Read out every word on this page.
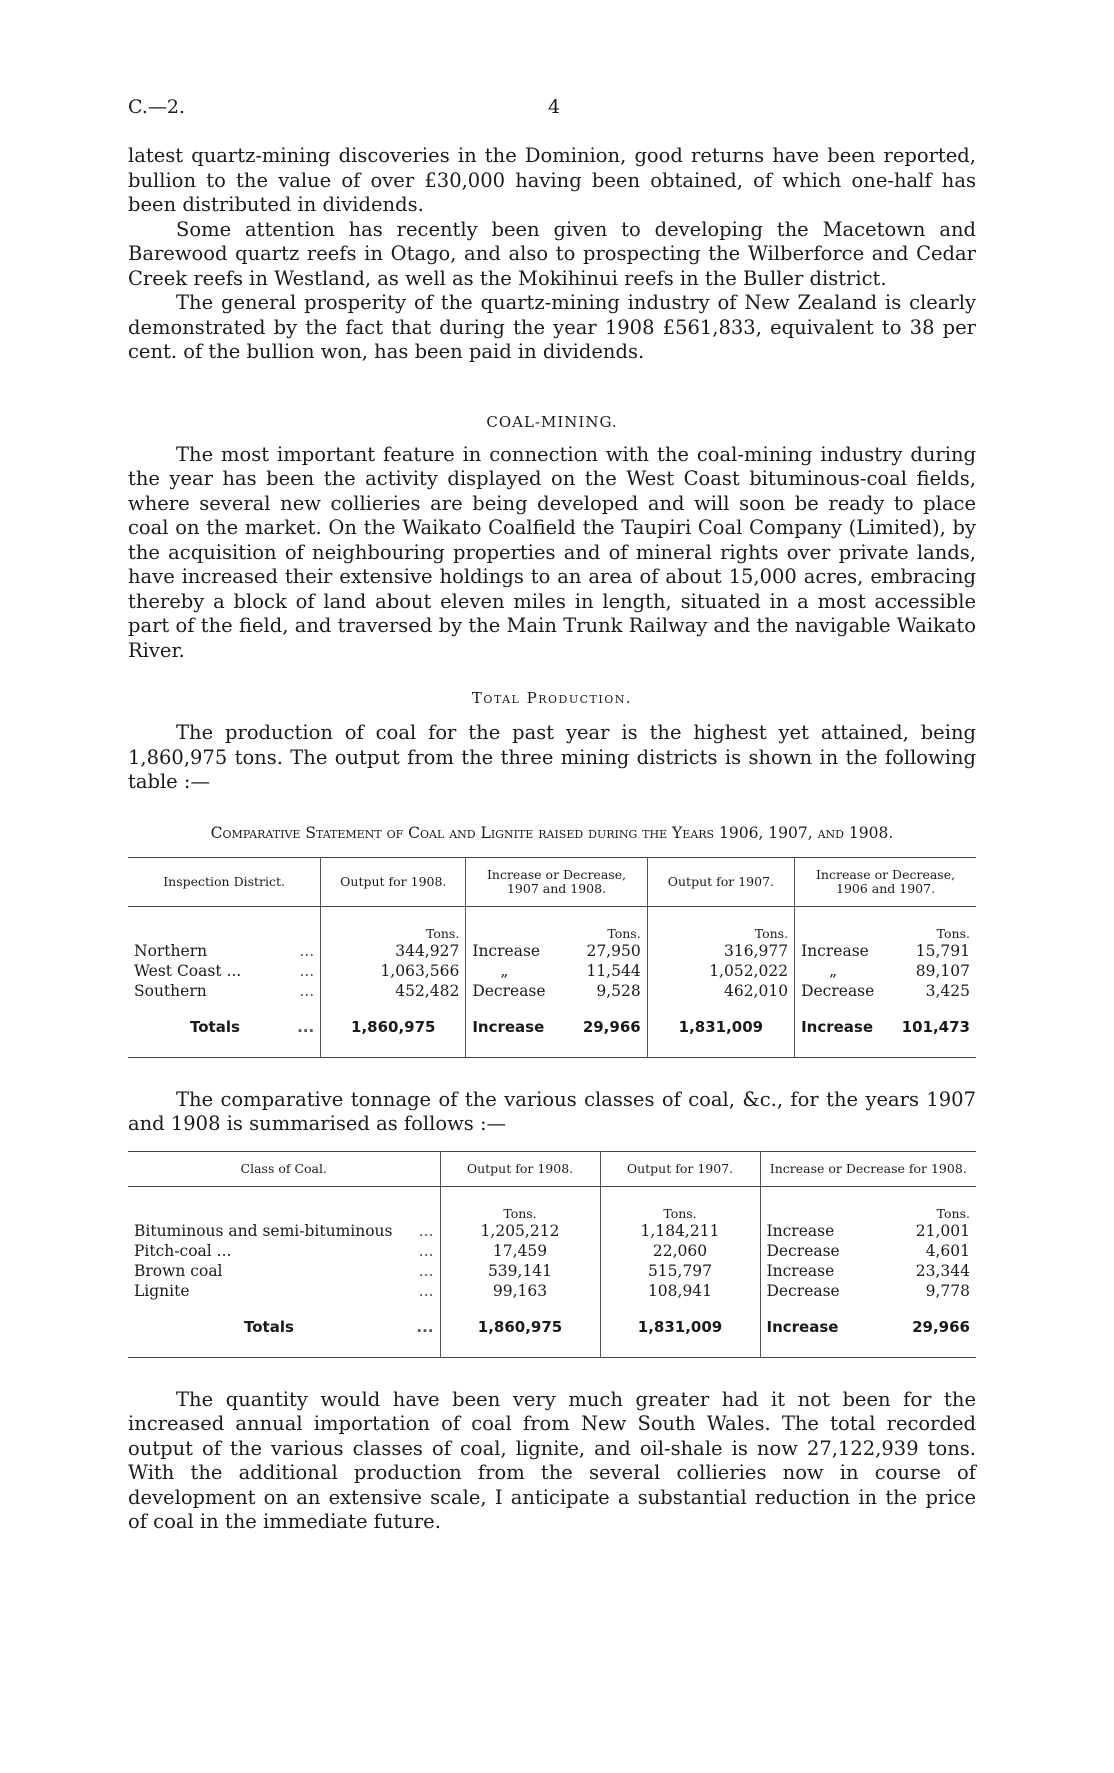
C.—2.	4

latest quartz-mining discoveries in the Dominion, good returns have been reported, bullion to the value of over £30,000 having been obtained, of which one-half has been distributed in dividends.

Some attention has recently been given to developing the Macetown and Barewood quartz reefs in Otago, and also to prospecting the Wilberforce and Cedar Creek reefs in Westland, as well as the Mokihinui reefs in the Buller district.

The general prosperity of the quartz-mining industry of New Zealand is clearly demonstrated by the fact that during the year 1908 £561,833, equivalent to 38 per cent. of the bullion won, has been paid in dividends.

COAL-MINING.

The most important feature in connection with the coal-mining industry during the year has been the activity displayed on the West Coast bituminous-coal fields, where several new collieries are being developed and will soon be ready to place coal on the market. On the Waikato Coalfield the Taupiri Coal Company (Limited), by the acquisition of neighbouring properties and of mineral rights over private lands, have increased their extensive holdings to an area of about 15,000 acres, embracing thereby a block of land about eleven miles in length, situated in a most accessible part of the field, and traversed by the Main Trunk Railway and the navigable Waikato River.

Total Production.

The production of coal for the past year is the highest yet attained, being 1,860,975 tons. The output from the three mining districts is shown in the following table :—

Comparative Statement of Coal and Lignite raised during the Years 1906, 1907, and 1908.
Inspection District.	Output for 1908.	Increase or Decrease, 1907 and 1908.	Output for 1907.	Increase or Decrease, 1906 and 1907.
	Tons.	Tons.	Tons.	Tons.

Northern ...	344,927	Increase 27,950	316,977	Increase 15,791

West Coast ... ...	1,063,566	„ 11,544	1,052,022	„ 89,107

Southern ...	452,482	Decrease 9,528	462,010	Decrease 3,425

Totals ...	1,860,975	Increase 29,966	1,831,009	Increase 101,473

The comparative tonnage of the various classes of coal, &c., for the years 1907 and 1908 is summarised as follows :—

Class of Coal.	Output for 1908.	Output for 1907.	Increase or Decrease for 1908.
	Tons.	Tons.	Tons.

Bituminous and semi-bituminous ...	1,205,212	1,184,211	Increase 21,001

Pitch-coal ... ...	17,459	22,060	Decrease 4,601

Brown coal ...	539,141	515,797	Increase 23,344

Lignite ...	99,163	108,941	Decrease 9,778

Totals ...	1,860,975	1,831,009	Increase 29,966

The quantity would have been very much greater had it not been for the increased annual importation of coal from New South Wales. The total recorded output of the various classes of coal, lignite, and oil-shale is now 27,122,939 tons. With the additional production from the several collieries now in course of development on an extensive scale, I anticipate a substantial reduction in the price of coal in the immediate future.
